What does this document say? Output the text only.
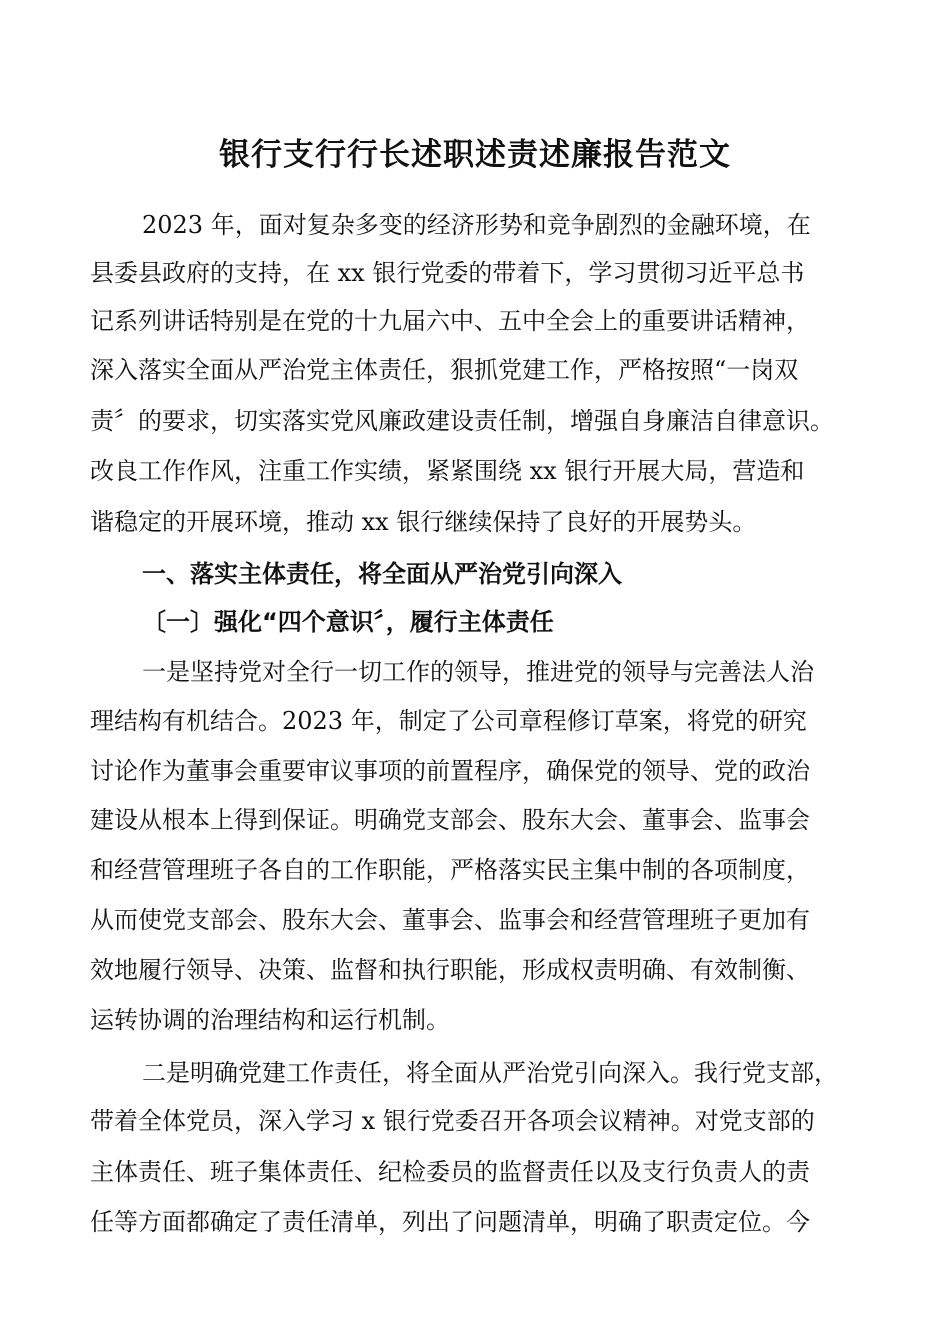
银行支行行长述职述责述廉报告范文
2023 年，面对复杂多变的经济形势和竞争剧烈的金融环境，在
县委县政府的支持，在 xx 银行党委的带着下，学习贯彻习近平总书
记系列讲话特别是在党的十九届六中、五中全会上的重要讲话精神，
深入落实全面从严治党主体责任，狠抓党建工作，严格按照“一岗双
责〞的要求，切实落实党风廉政建设责任制，增强自身廉洁自律意识。
改良工作作风，注重工作实绩，紧紧围绕 xx 银行开展大局，营造和
谐稳定的开展环境，推动 xx 银行继续保持了良好的开展势头。
一、落实主体责任，将全面从严治党引向深入
〔一〕强化“四个意识〞，履行主体责任
一是坚持党对全行一切工作的领导，推进党的领导与完善法人治
理结构有机结合。2023 年，制定了公司章程修订草案，将党的研究
讨论作为董事会重要审议事项的前置程序，确保党的领导、党的政治
建设从根本上得到保证。明确党支部会、股东大会、董事会、监事会
和经营管理班子各自的工作职能，严格落实民主集中制的各项制度，
从而使党支部会、股东大会、董事会、监事会和经营管理班子更加有
效地履行领导、决策、监督和执行职能，形成权责明确、有效制衡、
运转协调的治理结构和运行机制。
二是明确党建工作责任，将全面从严治党引向深入。我行党支部，
带着全体党员，深入学习 x 银行党委召开各项会议精神。对党支部的
主体责任、班子集体责任、纪检委员的监督责任以及支行负责人的责
任等方面都确定了责任清单，列出了问题清单，明确了职责定位。今
